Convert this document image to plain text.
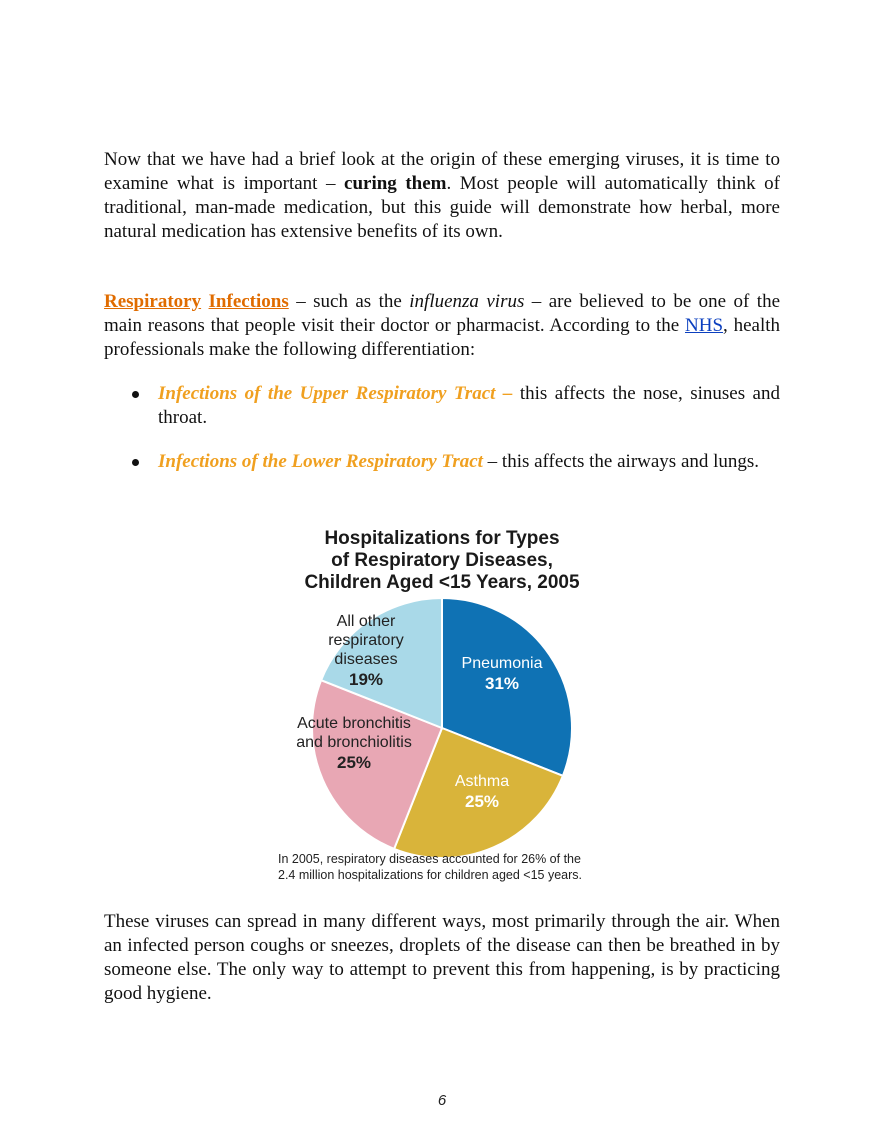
Now that we have had a brief look at the origin of these emerging viruses, it is time to examine what is important – curing them. Most people will automatically think of traditional, man-made medication, but this guide will demonstrate how herbal, more natural medication has extensive benefits of its own.

Respiratory Infections – such as the influenza virus – are believed to be one of the main reasons that people visit their doctor or pharmacist. According to the NHS, health professionals make the following differentiation:

Infections of the Upper Respiratory Tract – this affects the nose, sinuses and throat.
Infections of the Lower Respiratory Tract – this affects the airways and lungs.
Hospitalizations for Types
of Respiratory Diseases,
Children Aged <15 Years, 2005
Pneumonia
31%
Asthma
25%
Acute bronchitis
and bronchiolitis
25%
All other
respiratory
diseases
19%
In 2005, respiratory diseases accounted for 26% of the
2.4 million hospitalizations for children aged <15 years.

These viruses can spread in many different ways, most primarily through the air. When an infected person coughs or sneezes, droplets of the disease can then be breathed in by someone else. The only way to attempt to prevent this from happening, is by practicing good hygiene.

6
